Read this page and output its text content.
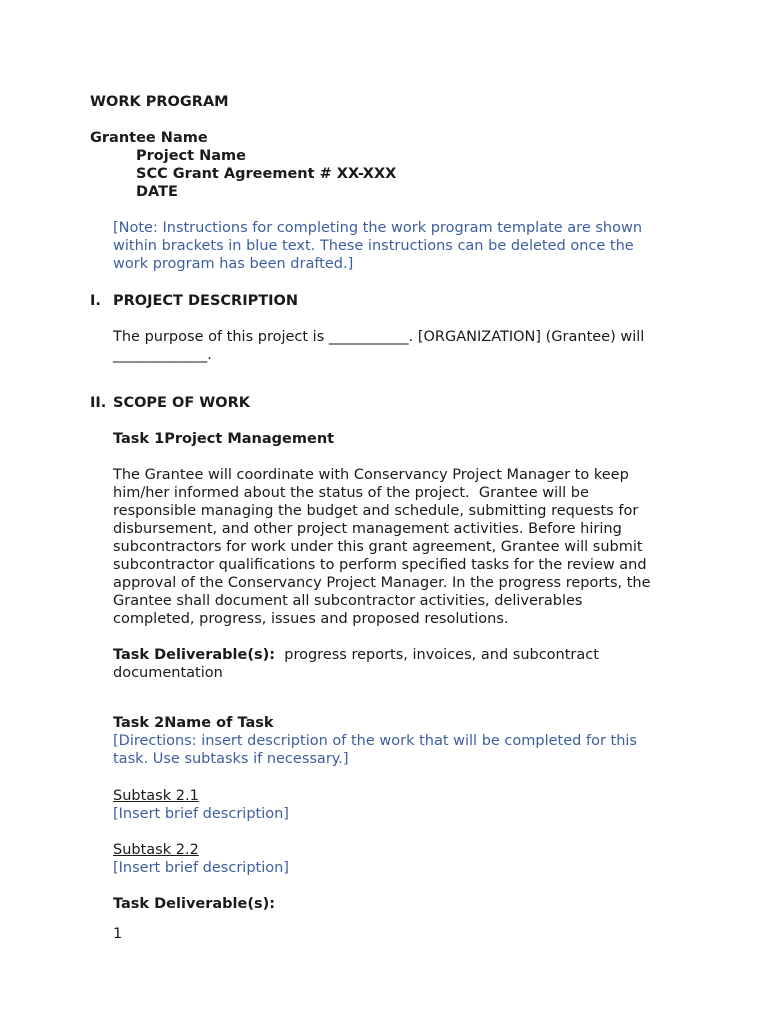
WORK PROGRAM
Grantee Name
Project Name
SCC Grant Agreement # XX-XXX
DATE
[Note: Instructions for completing the work program template are shown
within brackets in blue text. These instructions can be deleted once the
work program has been drafted.]
I. PROJECT DESCRIPTION
The purpose of this project is ___________. [ORGANIZATION] (Grantee) will
_____________.
II. SCOPE OF WORK
Task 1Project Management
The Grantee will coordinate with Conservancy Project Manager to keep
him/her informed about the status of the project.  Grantee will be
responsible managing the budget and schedule, submitting requests for
disbursement, and other project management activities. Before hiring
subcontractors for work under this grant agreement, Grantee will submit
subcontractor qualifications to perform specified tasks for the review and
approval of the Conservancy Project Manager. In the progress reports, the
Grantee shall document all subcontractor activities, deliverables
completed, progress, issues and proposed resolutions.
Task Deliverable(s): progress reports, invoices, and subcontract
documentation
Task 2Name of Task
[Directions: insert description of the work that will be completed for this
task. Use subtasks if necessary.]
Subtask 2.1
[Insert brief description]
Subtask 2.2
[Insert brief description]
Task Deliverable(s):
1
